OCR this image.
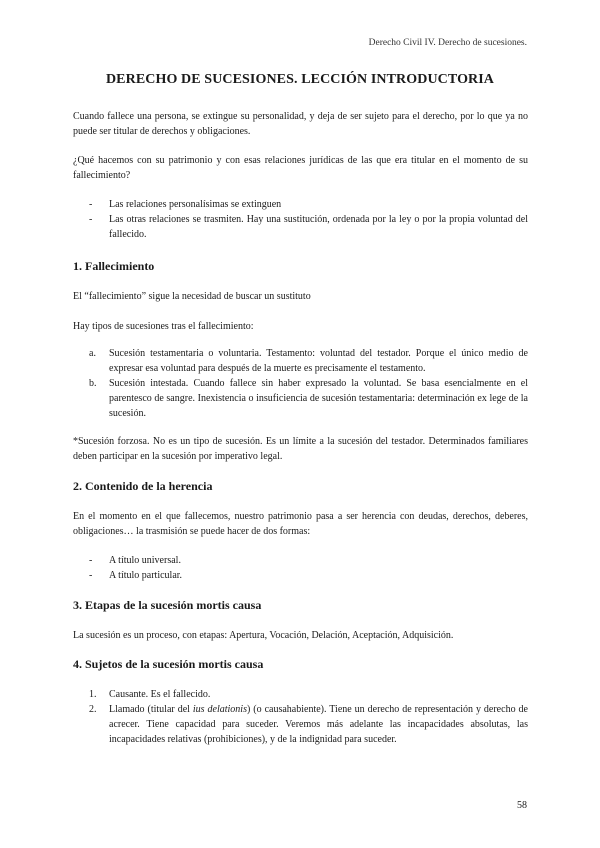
Derecho Civil IV. Derecho de sucesiones.
DERECHO DE SUCESIONES. LECCIÓN INTRODUCTORIA

Cuando fallece una persona, se extingue su personalidad, y deja de ser sujeto para el derecho, por lo que ya no puede ser titular de derechos y obligaciones.

¿Qué hacemos con su patrimonio y con esas relaciones jurídicas de las que era titular en el momento de su fallecimiento?

- Las relaciones personalísimas se extinguen
- Las otras relaciones se trasmiten. Hay una sustitución, ordenada por la ley o por la propia voluntad del fallecido.
1. Fallecimiento

El “fallecimiento” sigue la necesidad de buscar un sustituto

Hay tipos de sucesiones tras el fallecimiento:

a. Sucesión testamentaria o voluntaria. Testamento: voluntad del testador. Porque el único medio de expresar esa voluntad para después de la muerte es precisamente el testamento.
b. Sucesión intestada. Cuando fallece sin haber expresado la voluntad. Se basa esencialmente en el parentesco de sangre. Inexistencia o insuficiencia de sucesión testamentaria: determinación ex lege de la sucesión.

*Sucesión forzosa. No es un tipo de sucesión. Es un límite a la sucesión del testador. Determinados familiares deben participar en la sucesión por imperativo legal.

2. Contenido de la herencia

En el momento en el que fallecemos, nuestro patrimonio pasa a ser herencia con deudas, derechos, deberes, obligaciones… la trasmisión se puede hacer de dos formas:

- A título universal.
- A título particular.
3. Etapas de la sucesión mortis causa

La sucesión es un proceso, con etapas: Apertura, Vocación, Delación, Aceptación, Adquisición.

4. Sujetos de la sucesión mortis causa
1. Causante. Es el fallecido.
2. Llamado (titular del ius delationis) (o causahabiente). Tiene un derecho de representación y derecho de acrecer. Tiene capacidad para suceder. Veremos más adelante las incapacidades absolutas, las incapacidades relativas (prohibiciones), y de la indignidad para suceder.
58
